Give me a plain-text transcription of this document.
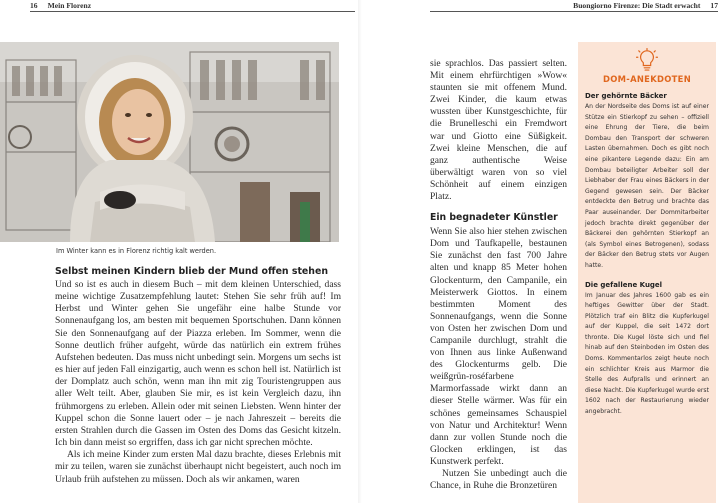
16 Mein Florenz	Buongiorno Firenze: Die Stadt erwacht 17
Im Winter kann es in Florenz richtig kalt werden.
Selbst meinen Kindern blieb der Mund offen stehen

Und so ist es auch in diesem Buch – mit dem kleinen Unterschied, dass meine wichtige Zusatzempfehlung lautet: Stehen Sie sehr früh auf! Im Herbst und Winter gehen Sie ungefähr eine halbe Stunde vor Sonnenaufgang los, am besten mit bequemen Sportschuhen. Dann können Sie den Sonnenaufgang auf der Piazza erleben. Im Sommer, wenn die Sonne deutlich früher aufgeht, würde das natürlich ein extrem frühes Aufstehen bedeuten. Das muss nicht unbedingt sein. Morgens um sechs ist es hier auf jeden Fall einzigartig, auch wenn es schon hell ist. Natürlich ist der Domplatz auch schön, wenn man ihn mit zig Touristengruppen aus aller Welt teilt. Aber, glauben Sie mir, es ist kein Vergleich dazu, ihn frühmorgens zu erleben. Allein oder mit seinen Liebsten. Wenn hinter der Kuppel schon die Sonne lauert oder – je nach Jahreszeit – bereits die ersten Strahlen durch die Gassen im Osten des Doms das Gesicht kitzeln. Ich bin dann meist so ergriffen, dass ich gar nicht sprechen möchte.

Als ich meine Kinder zum ersten Mal dazu brachte, dieses Erlebnis mit mir zu teilen, waren sie zunächst überhaupt nicht begeistert, auch noch im Urlaub früh aufstehen zu müssen. Doch als wir ankamen, waren

sie sprachlos. Das passiert selten. Mit einem ehrfürchtigen »Wow« staunten sie mit offenem Mund. Zwei Kinder, die kaum etwas wussten über Kunstgeschichte, für die Brunelleschi ein Fremdwort war und Giotto eine Süßigkeit. Zwei kleine Menschen, die auf ganz authentische Weise überwältigt waren von so viel Schönheit auf einem einzigen Platz.

Ein begnadeter Künstler

Wenn Sie also hier stehen zwischen Dom und Taufkapelle, bestaunen Sie zunächst den fast 700 Jahre alten und knapp 85 Meter hohen Glockenturm, den Campanile, ein Meisterwerk Giottos. In einem bestimmten Moment des Sonnenaufgangs, wenn die Sonne von Osten her zwischen Dom und Campanile durchlugt, strahlt die von Ihnen aus linke Außenwand des Glockenturms gelb. Die weißgrün-roséfarbene Marmorfassade wirkt dann an dieser Stelle wärmer. Was für ein schönes gemeinsames Schauspiel von Natur und Architektur! Wenn dann zur vollen Stunde noch die Glocken erklingen, ist das Kunstwerk perfekt.

Nutzen Sie unbedingt auch die Chance, in Ruhe die Bronzetüren

DOM-ANEKDOTEN
Der gehörnte Bäcker

An der Nordseite des Doms ist auf einer Stütze ein Stierkopf zu sehen – offiziell eine Ehrung der Tiere, die beim Dombau den Transport der schweren Lasten übernahmen. Doch es gibt noch eine pikantere Legende dazu: Ein am Dombau beteiligter Arbeiter soll der Liebhaber der Frau eines Bäckers in der Gegend gewesen sein. Der Bäcker entdeckte den Betrug und brachte das Paar auseinander. Der Dommitarbeiter jedoch brachte direkt gegenüber der Bäckerei den gehörnten Stierkopf an (als Symbol eines Betrogenen), sodass der Bäcker den Betrug stets vor Augen hatte.

Die gefallene Kugel

Im Januar des Jahres 1600 gab es ein heftiges Gewitter über der Stadt. Plötzlich traf ein Blitz die Kupferkugel auf der Kuppel, die seit 1472 dort thronte. Die Kugel löste sich und fiel hinab auf den Steinboden im Osten des Doms. Kommentarlos zeigt heute noch ein schlichter Kreis aus Marmor die Stelle des Aufpralls und erinnert an diese Nacht. Die Kupferkugel wurde erst 1602 nach der Restaurierung wieder angebracht.
